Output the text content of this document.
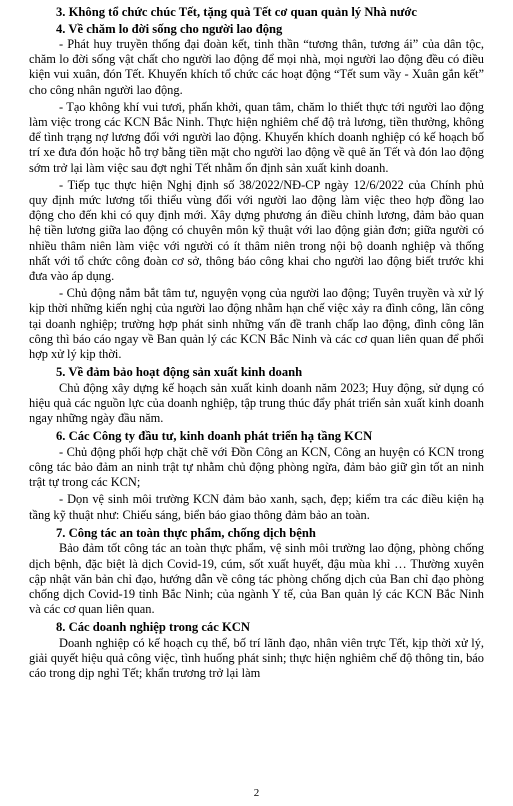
3. Không tổ chức chúc Tết, tặng quà Tết cơ quan quản lý Nhà nước

4. Về chăm lo đời sống cho người lao động

- Phát huy truyền thống đại đoàn kết, tinh thần “tương thân, tương ái” của dân tộc, chăm lo đời sống vật chất cho người lao động để mọi nhà, mọi người lao động đều có điều kiện vui xuân, đón Tết. Khuyến khích tổ chức các hoạt động “Tết sum vầy - Xuân gắn kết” cho công nhân người lao động.

- Tạo không khí vui tươi, phấn khởi, quan tâm, chăm lo thiết thực tới người lao động làm việc trong các KCN Bắc Ninh. Thực hiện nghiêm chế độ trả lương, tiền thưởng, không để tình trạng nợ lương đối với người lao động. Khuyến khích doanh nghiệp có kế hoạch bố trí xe đưa đón hoặc hỗ trợ bằng tiền mặt cho người lao động về quê ăn Tết và đón lao động sớm trở lại làm việc sau đợt nghỉ Tết nhằm ổn định sản xuất kinh doanh.

- Tiếp tục thực hiện Nghị định số 38/2022/NĐ-CP ngày 12/6/2022 của Chính phủ quy định mức lương tối thiểu vùng đối với người lao động làm việc theo hợp đồng lao động cho đến khi có quy định mới. Xây dựng phương án điều chỉnh lương, đảm bảo quan hệ tiền lương giữa lao động có chuyên môn kỹ thuật với lao động giản đơn; giữa người có nhiều thâm niên làm việc với người có ít thâm niên trong nội bộ doanh nghiệp và thống nhất với tổ chức công đoàn cơ sở, thông báo công khai cho người lao động biết trước khi đưa vào áp dụng.

- Chủ động nắm bắt tâm tư, nguyện vọng của người lao động; Tuyên truyền và xử lý kịp thời những kiến nghị của người lao động nhằm hạn chế việc xảy ra đình công, lãn công tại doanh nghiệp; trường hợp phát sinh những vấn đề tranh chấp lao động, đình công lãn công thì báo cáo ngay về Ban quản lý các KCN Bắc Ninh và các cơ quan liên quan để phối hợp xử lý kịp thời.

5. Về đảm bảo hoạt động sản xuất kinh doanh

Chủ động xây dựng kế hoạch sản xuất kinh doanh năm 2023; Huy động, sử dụng có hiệu quả các nguồn lực của doanh nghiệp, tập trung thúc đẩy phát triển sản xuất kinh doanh ngay những ngày đầu năm.

6. Các Công ty đầu tư, kinh doanh phát triển hạ tầng KCN

- Chủ động phối hợp chặt chẽ với Đồn Công an KCN, Công an huyện có KCN trong công tác bảo đảm an ninh trật tự nhằm chủ động phòng ngừa, đảm bảo giữ gìn tốt an ninh trật tự trong các KCN;

- Dọn vệ sinh môi trường KCN đảm bảo xanh, sạch, đẹp; kiểm tra các điều kiện hạ tầng kỹ thuật như: Chiếu sáng, biển báo giao thông đảm bảo an toàn.

7. Công tác an toàn thực phẩm, chống dịch bệnh

Bảo đảm tốt công tác an toàn thực phẩm, vệ sinh môi trường lao động, phòng chống dịch bệnh, đặc biệt là dịch Covid-19, cúm, sốt xuất huyết, đậu mùa khỉ … Thường xuyên cập nhật văn bản chỉ đạo, hướng dẫn về công tác phòng chống dịch của Ban chỉ đạo phòng chống dịch Covid-19 tỉnh Bắc Ninh; của ngành Y tế, của Ban quản lý các KCN Bắc Ninh và các cơ quan liên quan.

8. Các doanh nghiệp trong các KCN

Doanh nghiệp có kế hoạch cụ thể, bố trí lãnh đạo, nhân viên trực Tết, kịp thời xử lý, giải quyết hiệu quả công việc, tình huống phát sinh; thực hiện nghiêm chế độ thông tin, báo cáo trong dịp nghỉ Tết; khẩn trương trở lại làm

2
